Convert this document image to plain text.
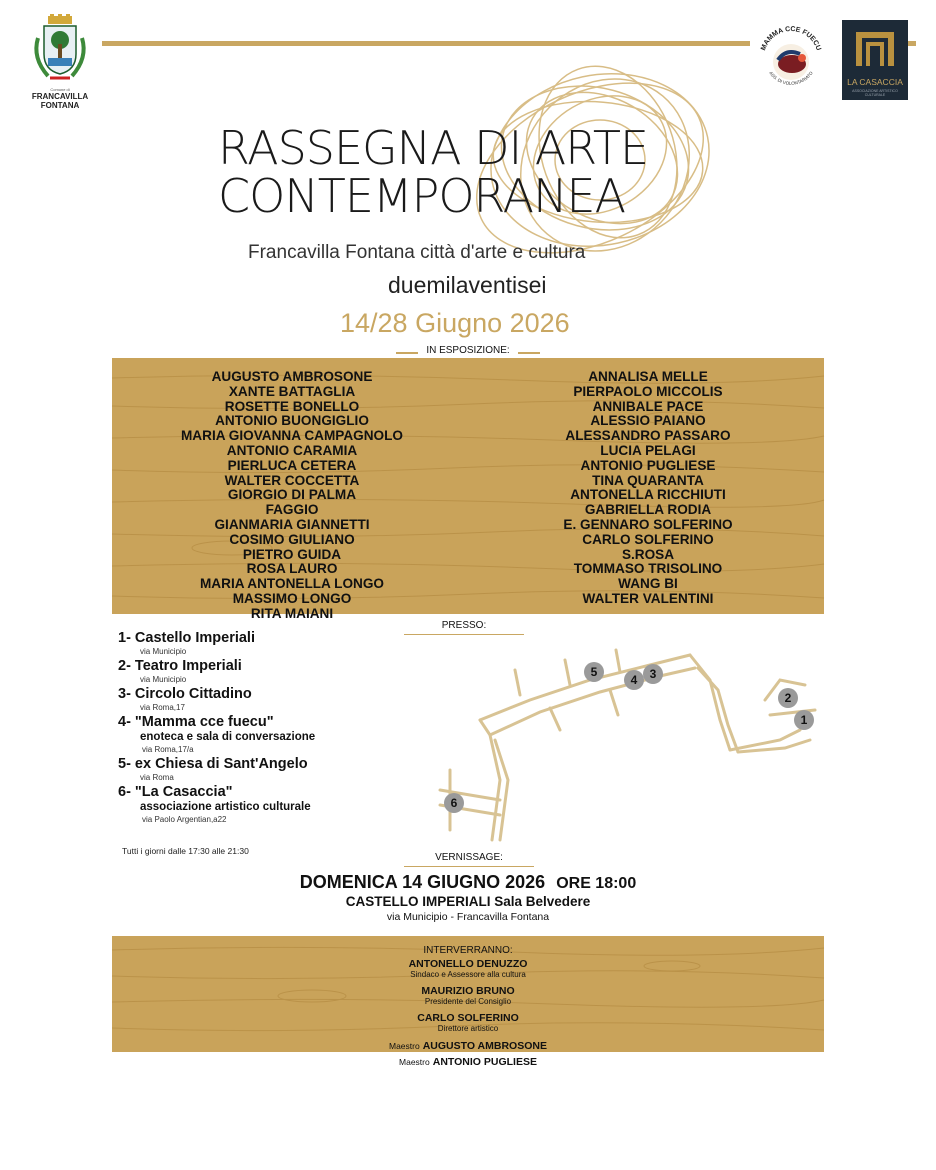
Comune di
FRANCAVILLA FONTANA
MAMMA CCE FUECU
ASS. DI VOLONTARIATO
LA CASACCIA
ASSOCIAZIONE ARTISTICO CULTURALE
RASSEGNA DI ARTE
CONTEMPORANEA
Francavilla Fontana città d'arte e cultura
duemilaventisei
14/28 Giugno 2026
IN ESPOSIZIONE:
AUGUSTO AMBROSONE
XANTE BATTAGLIA
ROSETTE BONELLO
ANTONIO BUONGIGLIO
MARIA GIOVANNA CAMPAGNOLO
ANTONIO CARAMIA
PIERLUCA CETERA
WALTER COCCETTA
GIORGIO DI PALMA
FAGGIO
GIANMARIA GIANNETTI
COSIMO GIULIANO
PIETRO GUIDA
ROSA LAURO
MARIA ANTONELLA LONGO
MASSIMO LONGO
RITA MAIANI
ANNALISA MELLE
PIERPAOLO MICCOLIS
ANNIBALE PACE
ALESSIO PAIANO
ALESSANDRO PASSARO
LUCIA PELAGI
ANTONIO PUGLIESE
TINA QUARANTA
ANTONELLA RICCHIUTI
GABRIELLA RODIA
E. GENNARO SOLFERINO
CARLO SOLFERINO
S.ROSA
TOMMASO TRISOLINO
WANG BI
WALTER VALENTINI
PRESSO:
1- Castello Imperiali
via Municipio
2- Teatro Imperiali
via Municipio
3- Circolo Cittadino
via Roma,17
4- "Mamma cce fuecu"
enoteca e sala di conversazione
via Roma,17/a
5- ex Chiesa di Sant'Angelo
via Roma
6- "La Casaccia"
associazione artistico culturale
via Paolo Argentian,a22
Tutti i giorni dalle 17:30 alle 21:30
1
2
3
4
5
6
VERNISSAGE:
DOMENICA 14 GIUGNO 2026 ORE 18:00
CASTELLO IMPERIALI Sala Belvedere
via Municipio - Francavilla Fontana
INTERVERRANNO:
ANTONELLO DENUZZO
Sindaco e Assessore alla cultura
MAURIZIO BRUNO
Presidente del Consiglio
CARLO SOLFERINO
Direttore artistico
Maestro AUGUSTO AMBROSONE
Maestro ANTONIO PUGLIESE
